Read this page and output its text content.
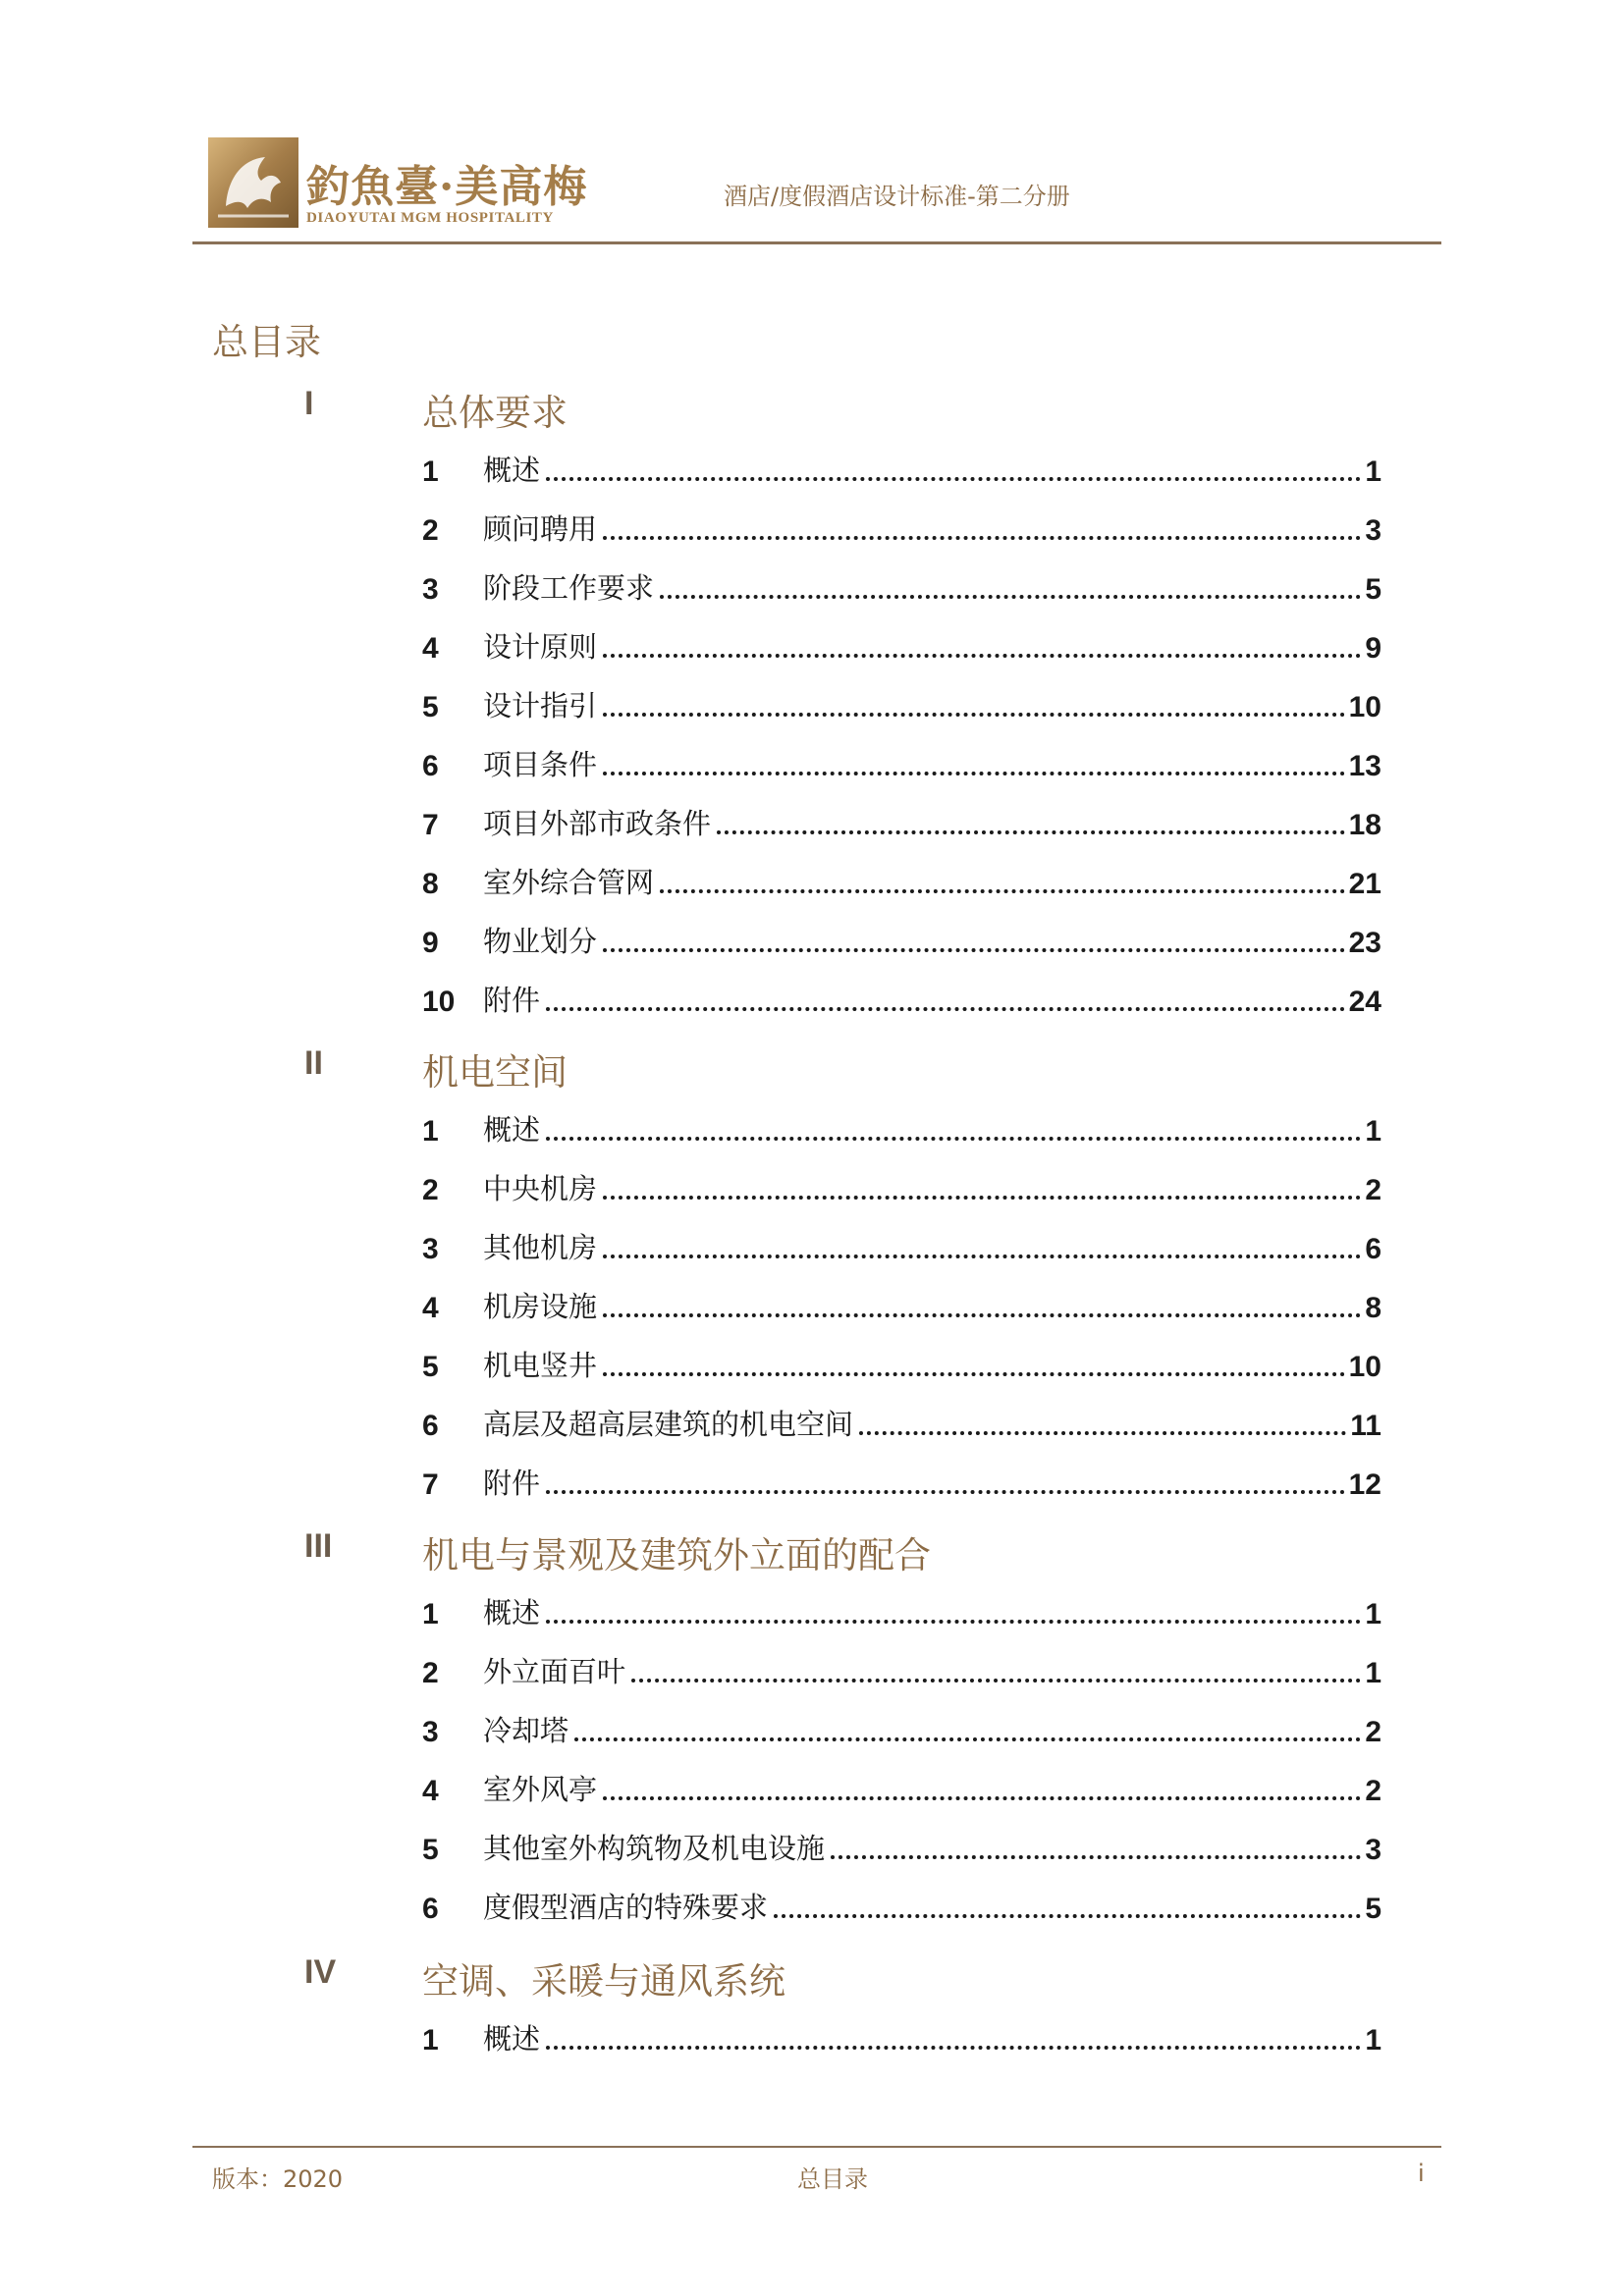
釣魚臺·美高梅
DIAOYUTAI MGM HOSPITALITY
酒店/度假酒店设计标准-第二分册
总目录
I	总体要求
1	概述	1
2	顾问聘用	3
3	阶段工作要求	5
4	设计原则	9
5	设计指引	10
6	项目条件	13
7	项目外部市政条件	18
8	室外综合管网	21
9	物业划分	23
10 附件	24
II	机电空间
1	概述	1
2	中央机房	2
3	其他机房	6
4	机房设施	8
5	机电竖井	10
6	高层及超高层建筑的机电空间	11
7	附件	12
III 机电与景观及建筑外立面的配合
1	概述	1
2	外立面百叶	1
3	冷却塔	2
4	室外风亭	2
5	其他室外构筑物及机电设施	3
6	度假型酒店的特殊要求	5
IV 空调、采暖与通风系统
1	概述	1
版本：2020	总目录	i
